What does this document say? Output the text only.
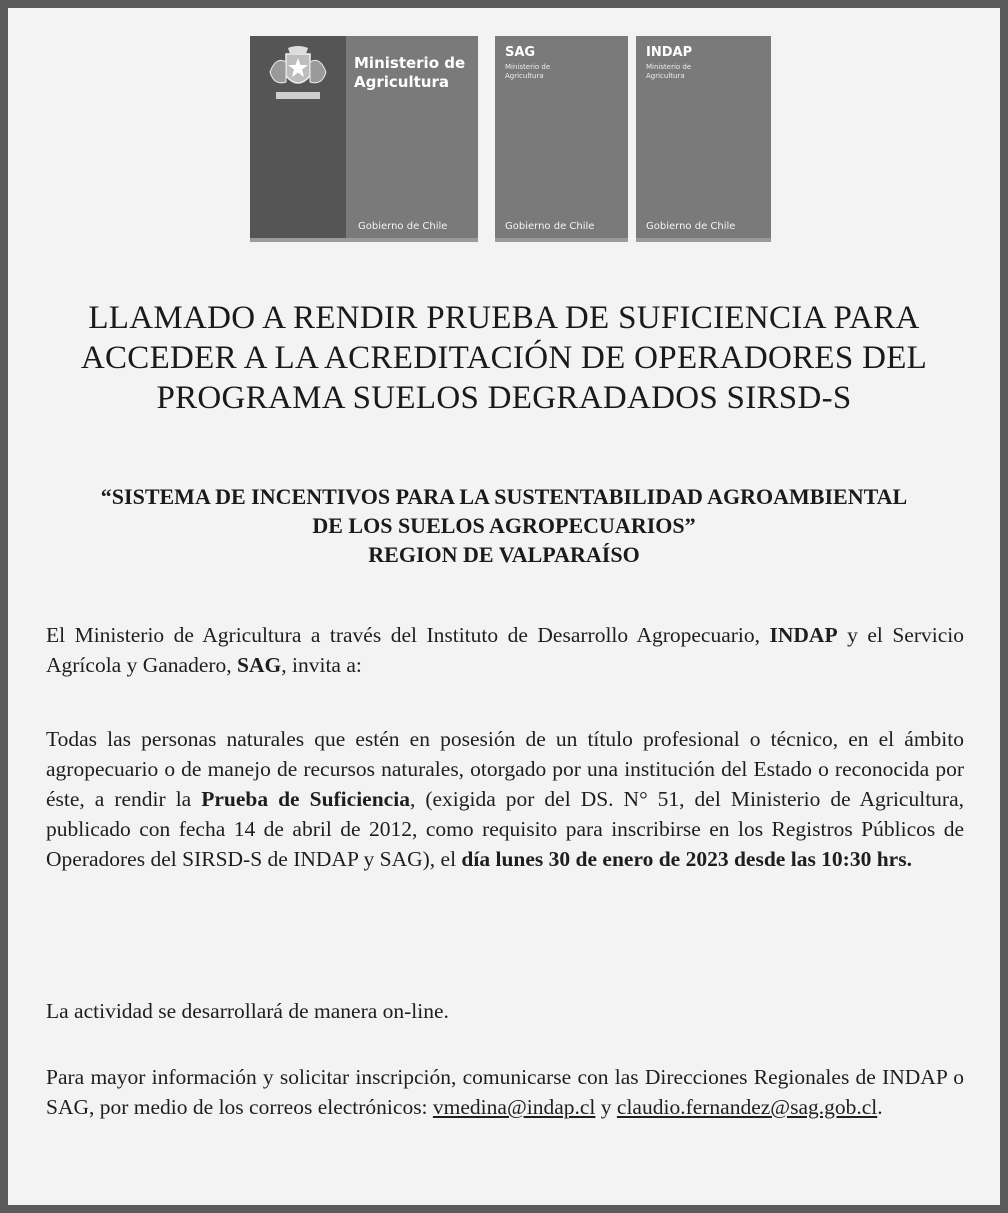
Ministerio de
Agricultura
Gobierno de Chile
SAG
Ministerio de
Agricultura
Gobierno de Chile
INDAP
Ministerio de
Agricultura
Gobierno de Chile
LLAMADO A RENDIR PRUEBA DE SUFICIENCIA PARA
ACCEDER A LA ACREDITACIÓN DE OPERADORES DEL
PROGRAMA SUELOS DEGRADADOS SIRSD-S
“SISTEMA DE INCENTIVOS PARA LA SUSTENTABILIDAD AGROAMBIENTAL
DE LOS SUELOS AGROPECUARIOS”
REGION DE VALPARAÍSO

El Ministerio de Agricultura a través del Instituto de Desarrollo Agropecuario, INDAP y el Servicio Agrícola y Ganadero, SAG, invita a:

Todas las personas naturales que estén en posesión de un título profesional o técnico, en el ámbito agropecuario o de manejo de recursos naturales, otorgado por una institución del Estado o reconocida por éste, a rendir la Prueba de Suficiencia, (exigida por del DS. N° 51, del Ministerio de Agricultura, publicado con fecha 14 de abril de 2012, como requisito para inscribirse en los Registros Públicos de Operadores del SIRSD-S de INDAP y SAG), el día lunes 30 de enero de 2023 desde las 10:30 hrs.

La actividad se desarrollará de manera on-line.

Para mayor información y solicitar inscripción, comunicarse con las Direcciones Regionales de INDAP o SAG, por medio de los correos electrónicos: vmedina@indap.cl y claudio.fernandez@sag.gob.cl.
